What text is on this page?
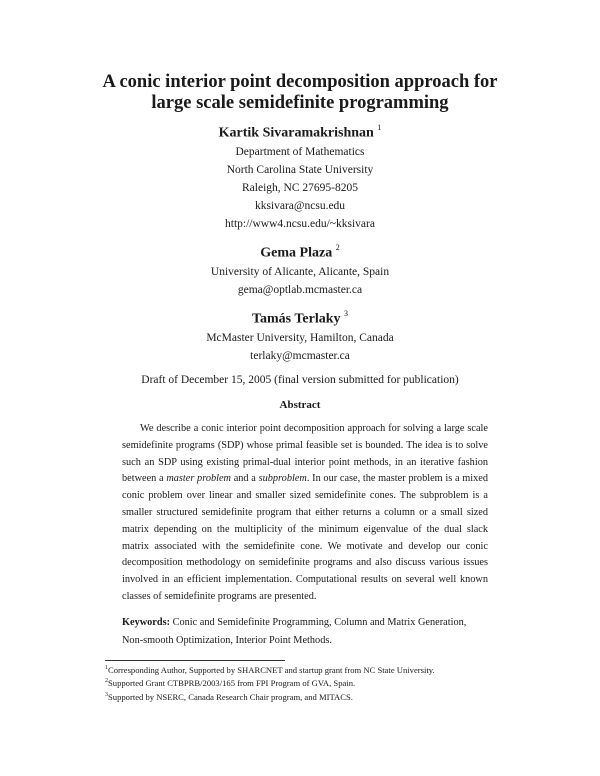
A conic interior point decomposition approach for
large scale semidefinite programming
Kartik Sivaramakrishnan $^1$
Department of Mathematics
North Carolina State University
Raleigh, NC 27695-8205
kksivara@ncsu.edu
http://www4.ncsu.edu/~kksivara
Gema Plaza $^2$
University of Alicante, Alicante, Spain
gema@optlab.mcmaster.ca
Tamás Terlaky $^3$
McMaster University, Hamilton, Canada
terlaky@mcmaster.ca
Draft of December 15, 2005 (final version submitted for publication)
Abstract

We describe a conic interior point decomposition approach for solving a large scale semidefinite programs (SDP) whose primal feasible set is bounded. The idea is to solve such an SDP using existing primal-dual interior point methods, in an iterative fashion between a master problem and a subproblem. In our case, the master problem is a mixed conic problem over linear and smaller sized semidefinite cones. The subproblem is a smaller structured semidefinite program that either returns a column or a small sized matrix depending on the multiplicity of the minimum eigenvalue of the dual slack matrix associated with the semidefinite cone. We motivate and develop our conic decomposition methodology on semidefinite programs and also discuss various issues involved in an efficient implementation. Computational results on several well known classes of semidefinite programs are presented.

Keywords: Conic and Semidefinite Programming, Column and Matrix Generation, Non-smooth Optimization, Interior Point Methods.
$^1$Corresponding Author, Supported by SHARCNET and startup grant from NC State University.
$^2$Supported Grant CTBPRB/2003/165 from FPI Program of GVA, Spain.
$^3$Supported by NSERC, Canada Research Chair program, and MITACS.
